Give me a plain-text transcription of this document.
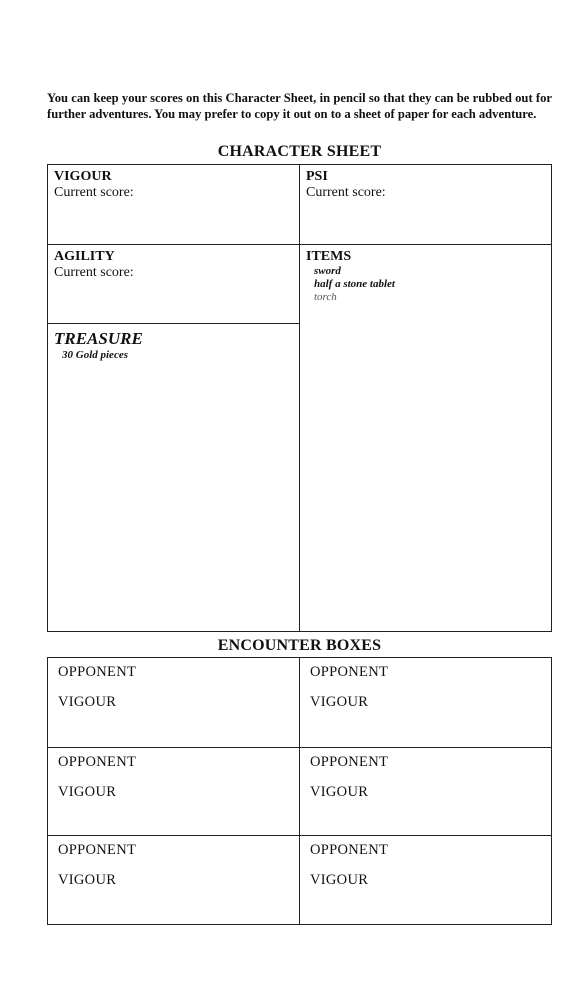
You can keep your scores on this Character Sheet, in pencil so that they can be rubbed out for further adventures. You may prefer to copy it out on to a sheet of paper for each adventure.
CHARACTER SHEET
VIGOUR
Current score:
PSI
Current score:
AGILITY
Current score:
ITEMS
sword
half a stone tablet
torch
TREASURE
30 Gold pieces
ENCOUNTER BOXES
OPPONENT
VIGOUR
OPPONENT
VIGOUR
OPPONENT
VIGOUR
OPPONENT
VIGOUR
OPPONENT
VIGOUR
OPPONENT
VIGOUR
